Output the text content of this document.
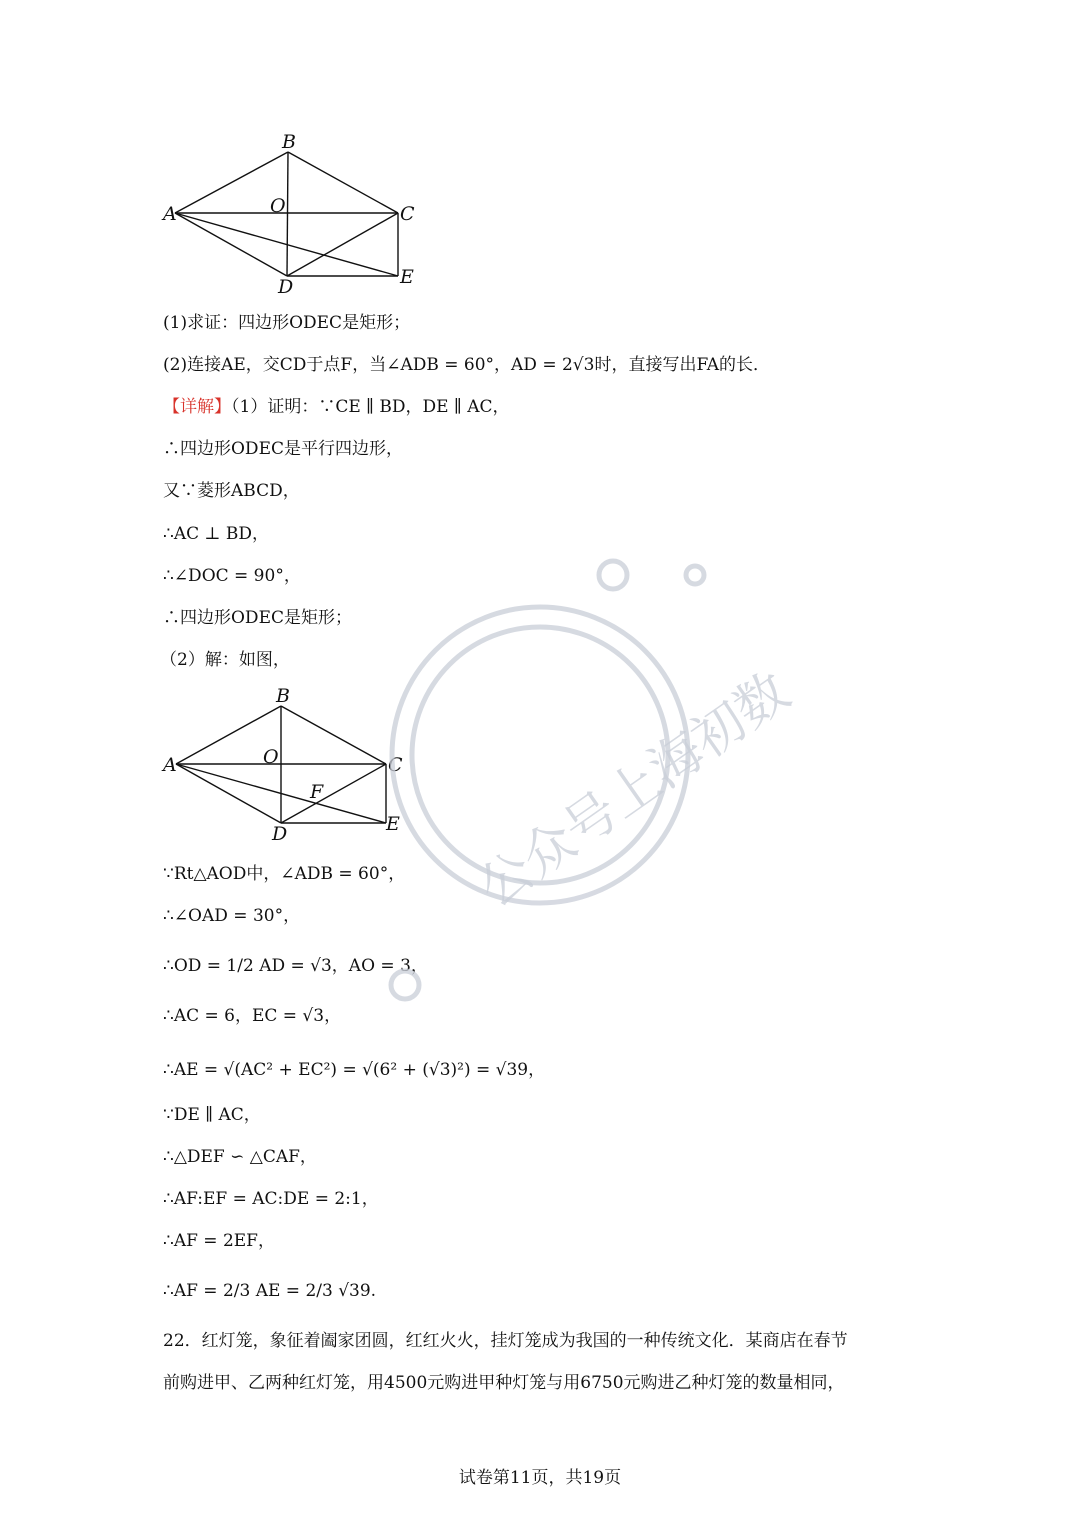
B
A	O	C
E
D
(1)求证：四边形ODEC是矩形；
(2)连接AE，交CD于点F，当∠ADB = 60°，AD = 2√3时，直接写出FA的长．
【详解】（1）证明：∵CE ∥ BD，DE ∥ AC，
∴四边形ODEC是平行四边形，
又∵菱形ABCD，
∴AC ⊥ BD，
∴∠DOC = 90°，
∴四边形ODEC是矩形；
（2）解：如图，
B
A	O	C
F
E
D
∵Rt△AOD中，∠ADB = 60°，
∴∠OAD = 30°，
∴OD = 1/2 AD = √3，AO = 3，
∴AC = 6，EC = √3，
∴AE = √(AC² + EC²) = √(6² + (√3)²) = √39，
∵DE ∥ AC，
∴△DEF ∽ △CAF，
∴AF:EF = AC:DE = 2:1，
∴AF = 2EF，
∴AF = 2/3 AE = 2/3 √39.
22．红灯笼，象征着阖家团圆，红红火火，挂灯笼成为我国的一种传统文化．某商店在春节
前购进甲、乙两种红灯笼，用4500元购进甲种灯笼与用6750元购进乙种灯笼的数量相同，
试卷第11页，共19页
公众号上海初数
